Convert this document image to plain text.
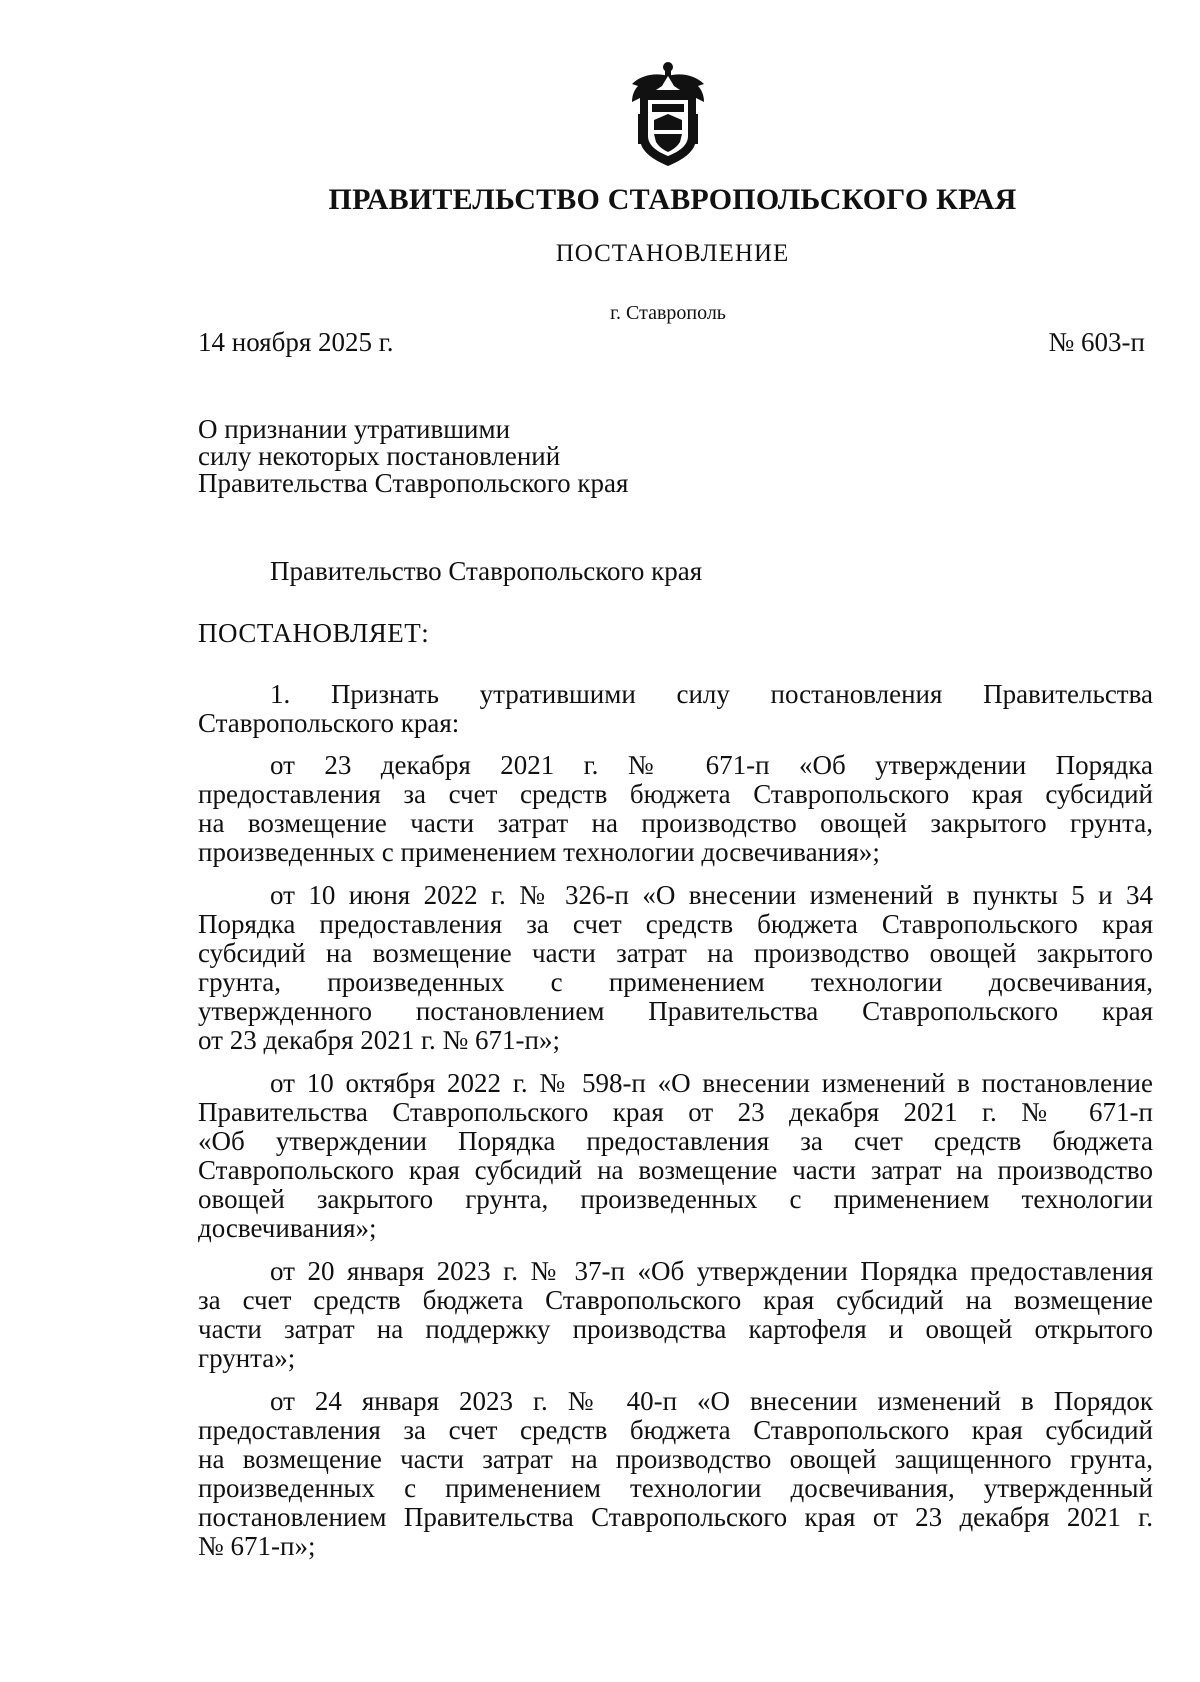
ПРАВИТЕЛЬСТВО СТАВРОПОЛЬСКОГО КРАЯ
ПОСТАНОВЛЕНИЕ
г. Ставрополь
14 ноября 2025 г.	№ 603-п
О признании утратившими
силу некоторых постановлений
Правительства Ставропольского края
Правительство Ставропольского края
ПОСТАНОВЛЯЕТ:
1. Признать утратившими силу постановления Правительства
Ставропольского края:
от 23 декабря 2021 г. № 671-п «Об утверждении Порядка
предоставления за счет средств бюджета Ставропольского края субсидий
на возмещение части затрат на производство овощей закрытого грунта,
произведенных с применением технологии досвечивания»;
от 10 июня 2022 г. № 326-п «О внесении изменений в пункты 5 и 34
Порядка предоставления за счет средств бюджета Ставропольского края
субсидий на возмещение части затрат на производство овощей закрытого
грунта, произведенных с применением технологии досвечивания,
утвержденного постановлением Правительства Ставропольского края
от 23 декабря 2021 г. № 671-п»;
от 10 октября 2022 г. № 598-п «О внесении изменений в постановление
Правительства Ставропольского края от 23 декабря 2021 г. № 671-п
«Об утверждении Порядка предоставления за счет средств бюджета
Ставропольского края субсидий на возмещение части затрат на производство
овощей закрытого грунта, произведенных с применением технологии
досвечивания»;
от 20 января 2023 г. № 37-п «Об утверждении Порядка предоставления
за счет средств бюджета Ставропольского края субсидий на возмещение
части затрат на поддержку производства картофеля и овощей открытого
грунта»;
от 24 января 2023 г. № 40-п «О внесении изменений в Порядок
предоставления за счет средств бюджета Ставропольского края субсидий
на возмещение части затрат на производство овощей защищенного грунта,
произведенных с применением технологии досвечивания, утвержденный
постановлением Правительства Ставропольского края от 23 декабря 2021 г.
№ 671-п»;
